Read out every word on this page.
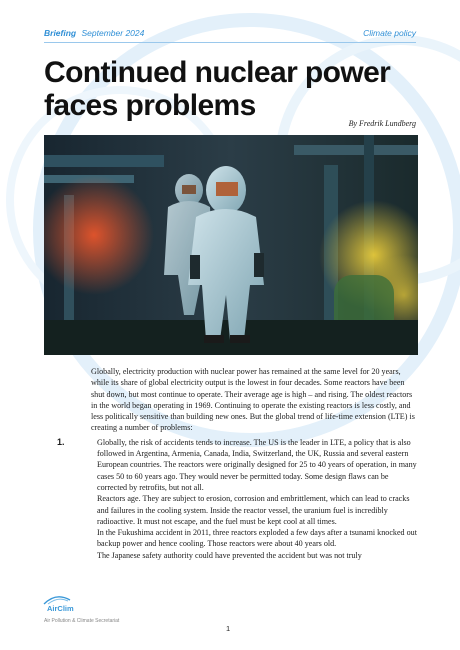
Briefing September 2024	Climate policy
Continued nuclear power faces problems
By Fredrik Lundberg

Globally, electricity production with nuclear power has remained at the same level for 20 years, while its share of global electricity output is the lowest in four decades. Some reactors have been shut down, but most continue to operate. Their average age is high – and rising. The oldest reactors in the world began operating in 1969. Continuing to operate the existing reactors is less costly, and less politically sensitive than building new ones. But the global trend of life-time extension (LTE) is creating a number of problems:

1.	Globally, the risk of accidents tends to increase. The US is the leader in LTE, a policy that is also followed in Argentina, Armenia, Canada, India, Switzerland, the UK, Russia and several eastern European countries. The reactors were originally designed for 25 to 40 years of operation, in many cases 50 to 60 years ago. They would never be permitted today. Some design flaws can be corrected by retrofits, but not all.

Reactors age. They are subject to erosion, corrosion and embrittlement, which can lead to cracks and failures in the cooling system. Inside the reactor vessel, the uranium fuel is incredibly radioactive. It must not escape, and the fuel must be kept cool at all times.

In the Fukushima accident in 2011, three reactors exploded a few days after a tsunami knocked out backup power and hence cooling. Those reactors were about 40 years old.

The Japanese safety authority could have prevented the accident but was not truly

AirClim
Air Pollution & Climate Secretariat
1
